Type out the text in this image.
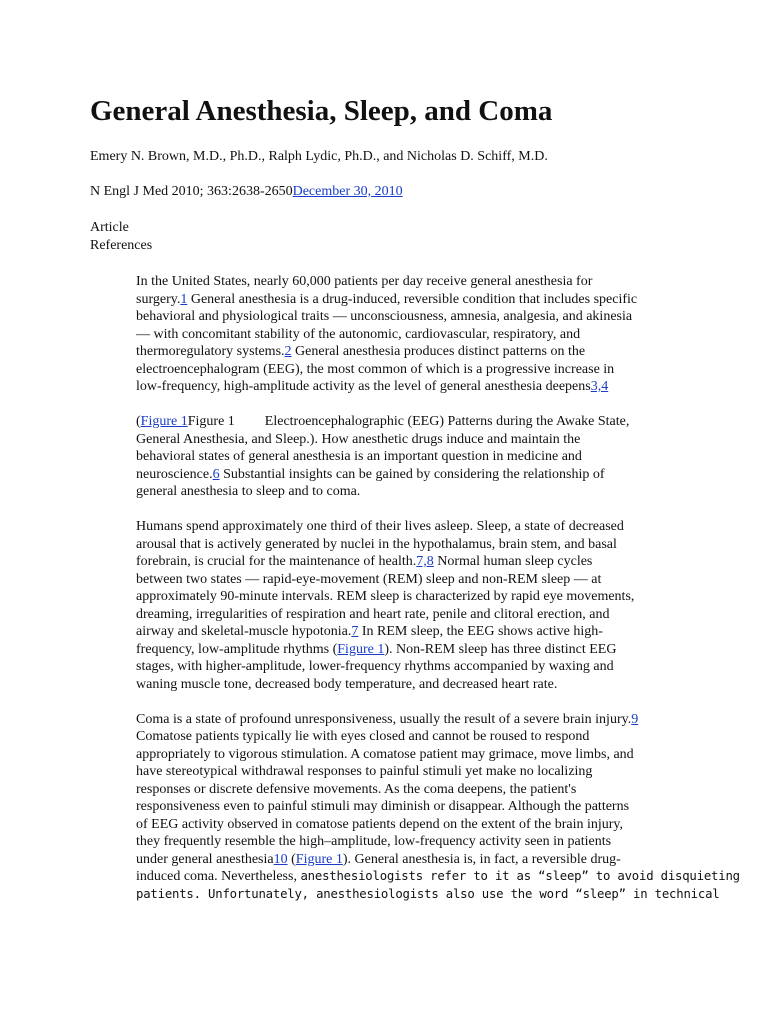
General Anesthesia, Sleep, and Coma

Emery N. Brown, M.D., Ph.D., Ralph Lydic, Ph.D., and Nicholas D. Schiff, M.D.

N Engl J Med 2010; 363:2638-2650December 30, 2010

Article
References

In the United States, nearly 60,000 patients per day receive general anesthesia for
surgery.1 General anesthesia is a drug-induced, reversible condition that includes specific
behavioral and physiological traits — unconsciousness, amnesia, analgesia, and akinesia
— with concomitant stability of the autonomic, cardiovascular, respiratory, and
thermoregulatory systems.2 General anesthesia produces distinct patterns on the
electroencephalogram (EEG), the most common of which is a progressive increase in
low-frequency, high-amplitude activity as the level of general anesthesia deepens3,4

(Figure 1Figure 1 Electroencephalographic (EEG) Patterns during the Awake State,
General Anesthesia, and Sleep.). How anesthetic drugs induce and maintain the
behavioral states of general anesthesia is an important question in medicine and
neuroscience.6 Substantial insights can be gained by considering the relationship of
general anesthesia to sleep and to coma.

Humans spend approximately one third of their lives asleep. Sleep, a state of decreased
arousal that is actively generated by nuclei in the hypothalamus, brain stem, and basal
forebrain, is crucial for the maintenance of health.7,8 Normal human sleep cycles
between two states — rapid-eye-movement (REM) sleep and non-REM sleep — at
approximately 90-minute intervals. REM sleep is characterized by rapid eye movements,
dreaming, irregularities of respiration and heart rate, penile and clitoral erection, and
airway and skeletal-muscle hypotonia.7 In REM sleep, the EEG shows active high-
frequency, low-amplitude rhythms (Figure 1). Non-REM sleep has three distinct EEG
stages, with higher-amplitude, lower-frequency rhythms accompanied by waxing and
waning muscle tone, decreased body temperature, and decreased heart rate.

Coma is a state of profound unresponsiveness, usually the result of a severe brain injury.9
Comatose patients typically lie with eyes closed and cannot be roused to respond
appropriately to vigorous stimulation. A comatose patient may grimace, move limbs, and
have stereotypical withdrawal responses to painful stimuli yet make no localizing
responses or discrete defensive movements. As the coma deepens, the patient's
responsiveness even to painful stimuli may diminish or disappear. Although the patterns
of EEG activity observed in comatose patients depend on the extent of the brain injury,
they frequently resemble the high–amplitude, low-frequency activity seen in patients
under general anesthesia10 (Figure 1). General anesthesia is, in fact, a reversible drug-
induced coma. Nevertheless, anesthesiologists refer to it as “sleep” to avoid disquieting
patients. Unfortunately, anesthesiologists also use the word “sleep” in technical
